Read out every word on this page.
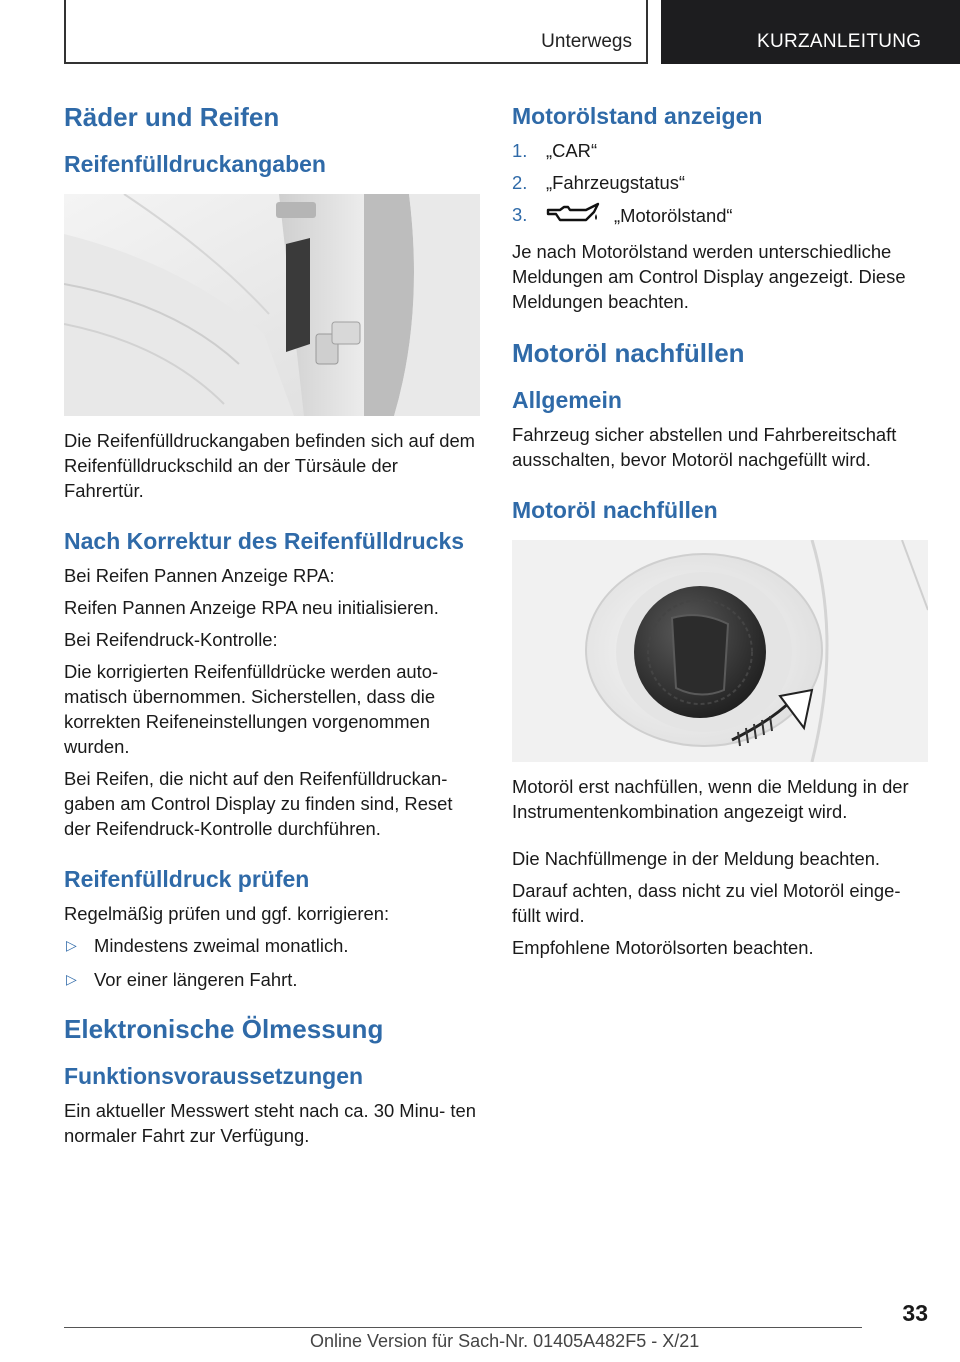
Unterwegs	KURZANLEITUNG
Räder und Reifen
Reifenfülldruckangaben

Die Reifenfülldruckangaben befinden sich auf dem Reifenfülldruckschild an der Türsäule der Fahrertür.

Nach Korrektur des Reifenfülldrucks

Bei Reifen Pannen Anzeige RPA:

Reifen Pannen Anzeige RPA neu initialisieren.

Bei Reifendruck-Kontrolle:

Die korrigierten Reifenfülldrücke werden auto‐ matisch übernommen. Sicherstellen, dass die korrekten Reifeneinstellungen vorgenommen wurden.

Bei Reifen, die nicht auf den Reifenfülldruckan‐ gaben am Control Display zu finden sind, Reset der Reifendruck-Kontrolle durchführen.

Reifenfülldruck prüfen

Regelmäßig prüfen und ggf. korrigieren:

▷ Mindestens zweimal monatlich.
▷ Vor einer längeren Fahrt.
Elektronische Ölmessung
Funktionsvoraussetzungen

Ein aktueller Messwert steht nach ca. 30 Minu‐ ten normaler Fahrt zur Verfügung.

Motorölstand anzeigen
1. „CAR“
2. „Fahrzeugstatus“
3.	„Motorölstand“

Je nach Motorölstand werden unterschiedliche Meldungen am Control Display angezeigt. Diese Meldungen beachten.

Motoröl nachfüllen
Allgemein

Fahrzeug sicher abstellen und Fahrbereitschaft ausschalten, bevor Motoröl nachgefüllt wird.

Motoröl nachfüllen

Motoröl erst nachfüllen, wenn die Meldung in der Instrumentenkombination angezeigt wird.

Die Nachfüllmenge in der Meldung beachten.

Darauf achten, dass nicht zu viel Motoröl einge‐ füllt wird.

Empfohlene Motorölsorten beachten.

33
Online Version für Sach-Nr. 01405A482F5 - X/21
